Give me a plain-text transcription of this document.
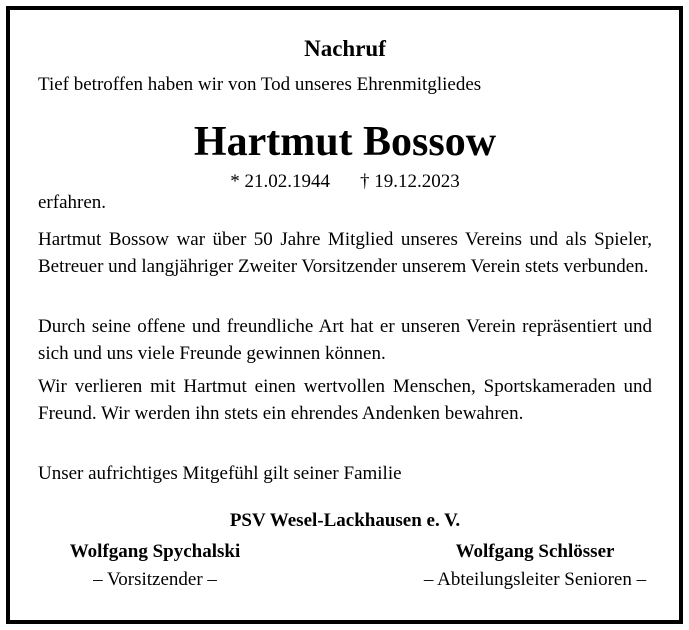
Nachruf
Tief betroffen haben wir von Tod unseres Ehrenmitgliedes
Hartmut Bossow
* 21.02.1944 † 19.12.2023
erfahren.
Hartmut Bossow war über 50 Jahre Mitglied unseres Vereins und als Spieler, Betreuer und langjähriger Zweiter Vorsitzender unserem Verein stets verbunden.
Durch seine offene und freundliche Art hat er unseren Verein repräsentiert und sich und uns viele Freunde gewinnen können.
Wir verlieren mit Hartmut einen wertvollen Menschen, Sportskameraden und Freund. Wir werden ihn stets ein ehrendes Andenken bewahren.
Unser aufrichtiges Mitgefühl gilt seiner Familie
PSV Wesel-Lackhausen e. V.
Wolfgang Spychalski
– Vorsitzender –
Wolfgang Schlösser
– Abteilungsleiter Senioren –
